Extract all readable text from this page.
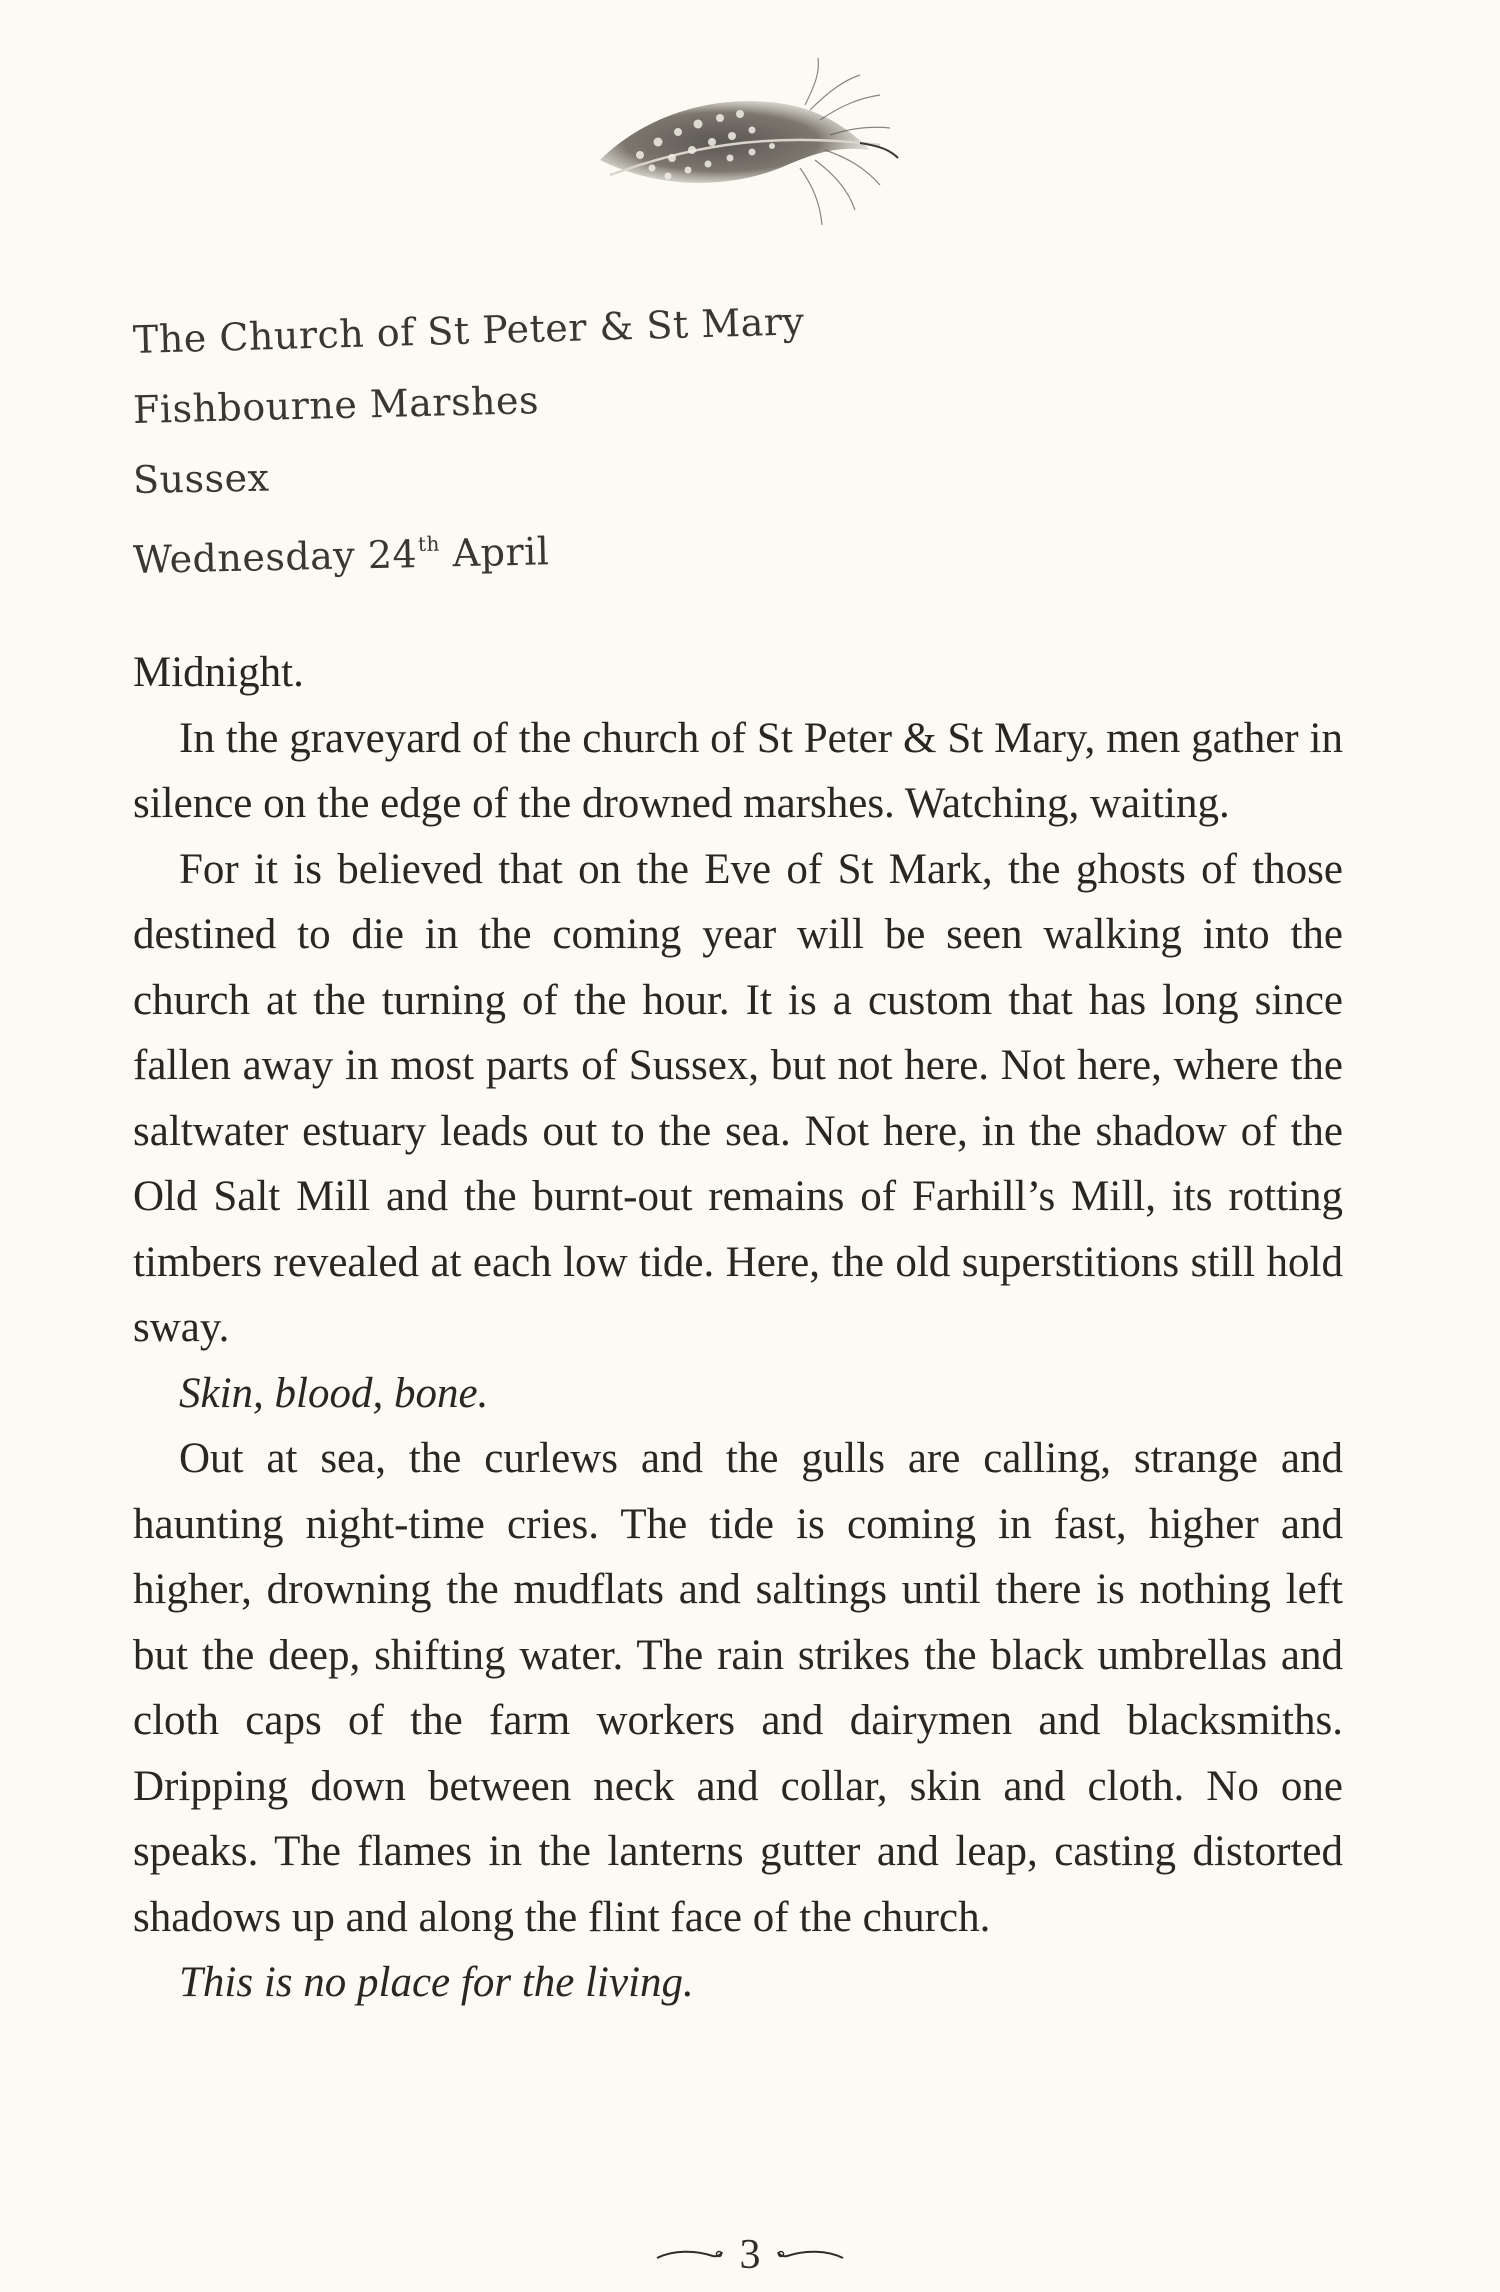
The Church of St Peter & St Mary
Fishbourne Marshes
Sussex
Wednesday 24th April

Midnight.

In the graveyard of the church of St Peter & St Mary, men gather in silence on the edge of the drowned marshes. Watching, waiting.

For it is believed that on the Eve of St Mark, the ghosts of those destined to die in the coming year will be seen walking into the church at the turning of the hour. It is a custom that has long since fallen away in most parts of Sussex, but not here. Not here, where the saltwater estuary leads out to the sea. Not here, in the shadow of the Old Salt Mill and the burnt-out remains of Farhill’s Mill, its rotting timbers revealed at each low tide. Here, the old superstitions still hold sway.

Skin, blood, bone.

Out at sea, the curlews and the gulls are calling, strange and haunting night-time cries. The tide is coming in fast, higher and higher, drowning the mudflats and saltings until there is nothing left but the deep, shifting water. The rain strikes the black umbrellas and cloth caps of the farm workers and dairymen and blacksmiths. Dripping down between neck and collar, skin and cloth. No one speaks. The flames in the lanterns gutter and leap, casting distorted shadows up and along the flint face of the church.

This is no place for the living.

3
